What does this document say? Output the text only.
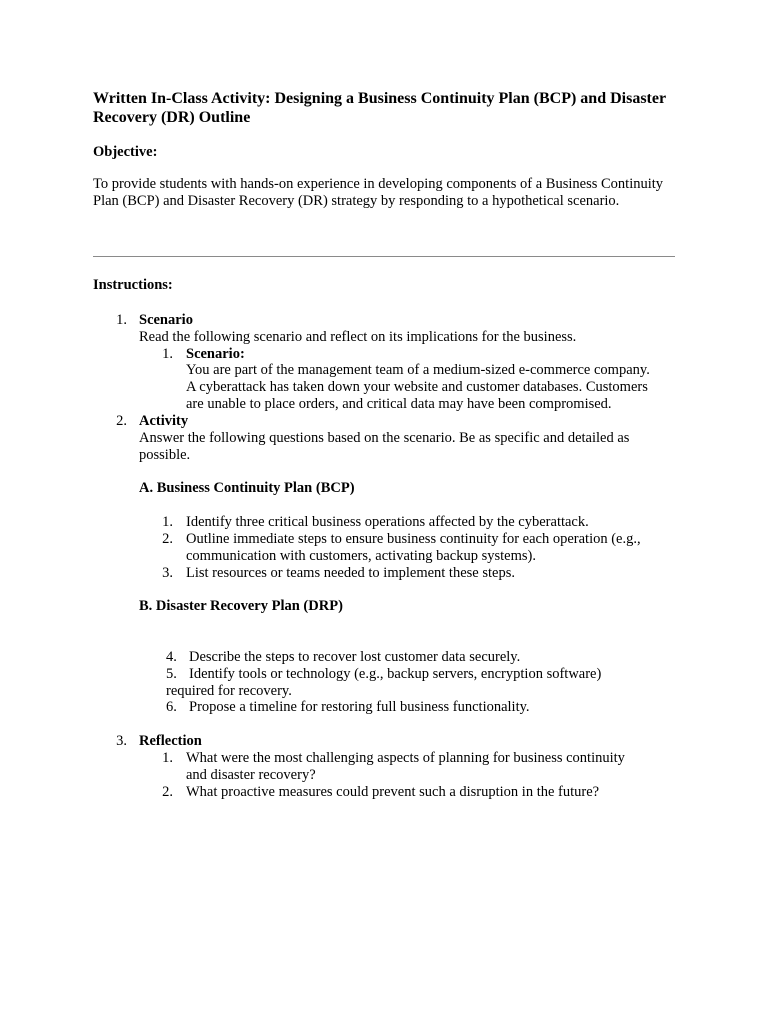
Written In-Class Activity: Designing a Business Continuity Plan (BCP) and Disaster Recovery (DR) Outline
Objective:
To provide students with hands-on experience in developing components of a Business Continuity Plan (BCP) and Disaster Recovery (DR) strategy by responding to a hypothetical scenario.
Instructions:
1. Scenario
Read the following scenario and reflect on its implications for the business.
1. Scenario:
You are part of the management team of a medium-sized e-commerce company.
A cyberattack has taken down your website and customer databases. Customers
are unable to place orders, and critical data may have been compromised.
2. Activity
Answer the following questions based on the scenario. Be as specific and detailed as
possible.
A. Business Continuity Plan (BCP)
1. Identify three critical business operations affected by the cyberattack.
2. Outline immediate steps to ensure business continuity for each operation (e.g.,
communication with customers, activating backup systems).
3. List resources or teams needed to implement these steps.
B. Disaster Recovery Plan (DRP)
4. Describe the steps to recover lost customer data securely.
5. Identify tools or technology (e.g., backup servers, encryption software)
required for recovery.
6. Propose a timeline for restoring full business functionality.
3. Reflection
1. What were the most challenging aspects of planning for business continuity
and disaster recovery?
2. What proactive measures could prevent such a disruption in the future?
